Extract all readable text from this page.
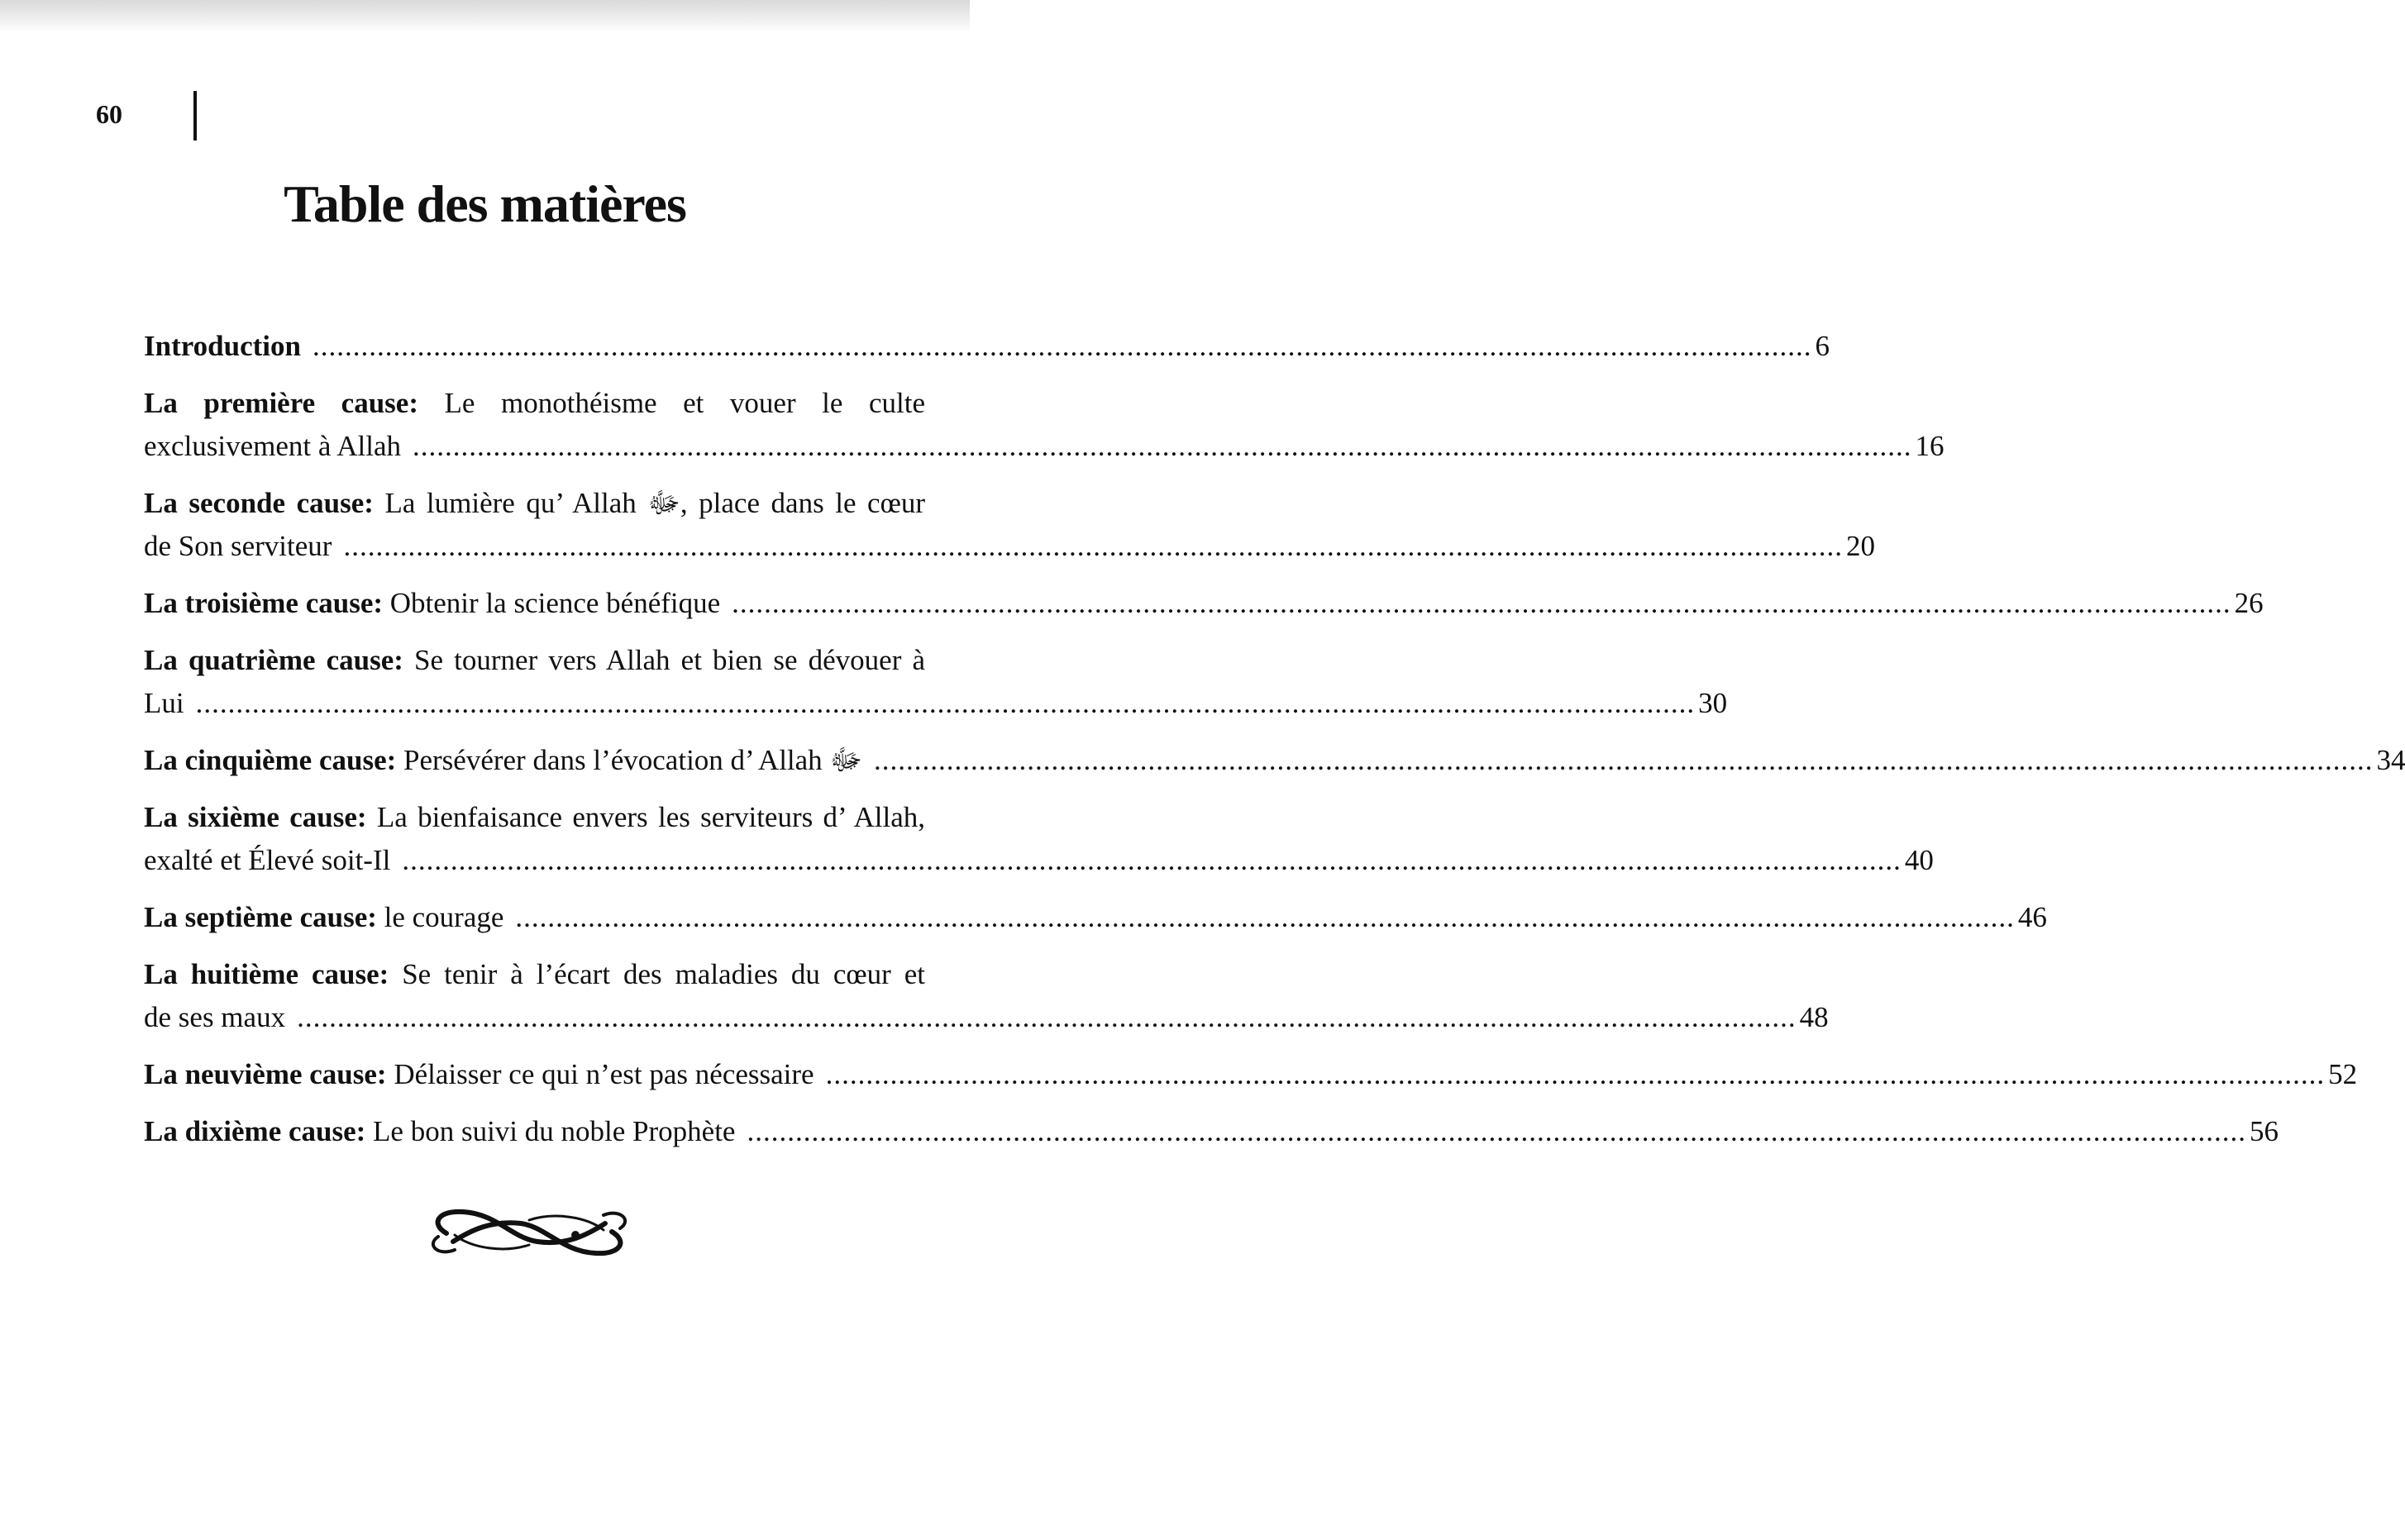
60
Table des matières
Introduction .......................................................................................................................................................................................... 6
La première cause: Le monothéisme et vouer le culte
exclusivement à Allah .......................................................................................................................................................................................... 16
La seconde cause: La lumière qu’ Allah ﷻ, place dans le cœur
de Son serviteur .......................................................................................................................................................................................... 20
La troisième cause: Obtenir la science bénéfique .......................................................................................................................................................................................... 26
La quatrième cause: Se tourner vers Allah et bien se dévouer à
Lui .......................................................................................................................................................................................... 30
La cinquième cause: Persévérer dans l’évocation d’ Allah ﷻ .......................................................................................................................................................................................... 34
La sixième cause: La bienfaisance envers les serviteurs d’ Allah,
exalté et Élevé soit-Il .......................................................................................................................................................................................... 40
La septième cause: le courage .......................................................................................................................................................................................... 46
La huitième cause: Se tenir à l’écart des maladies du cœur et
de ses maux .......................................................................................................................................................................................... 48
La neuvième cause: Délaisser ce qui n’est pas nécessaire .......................................................................................................................................................................................... 52
La dixième cause: Le bon suivi du noble Prophète .......................................................................................................................................................................................... 56
